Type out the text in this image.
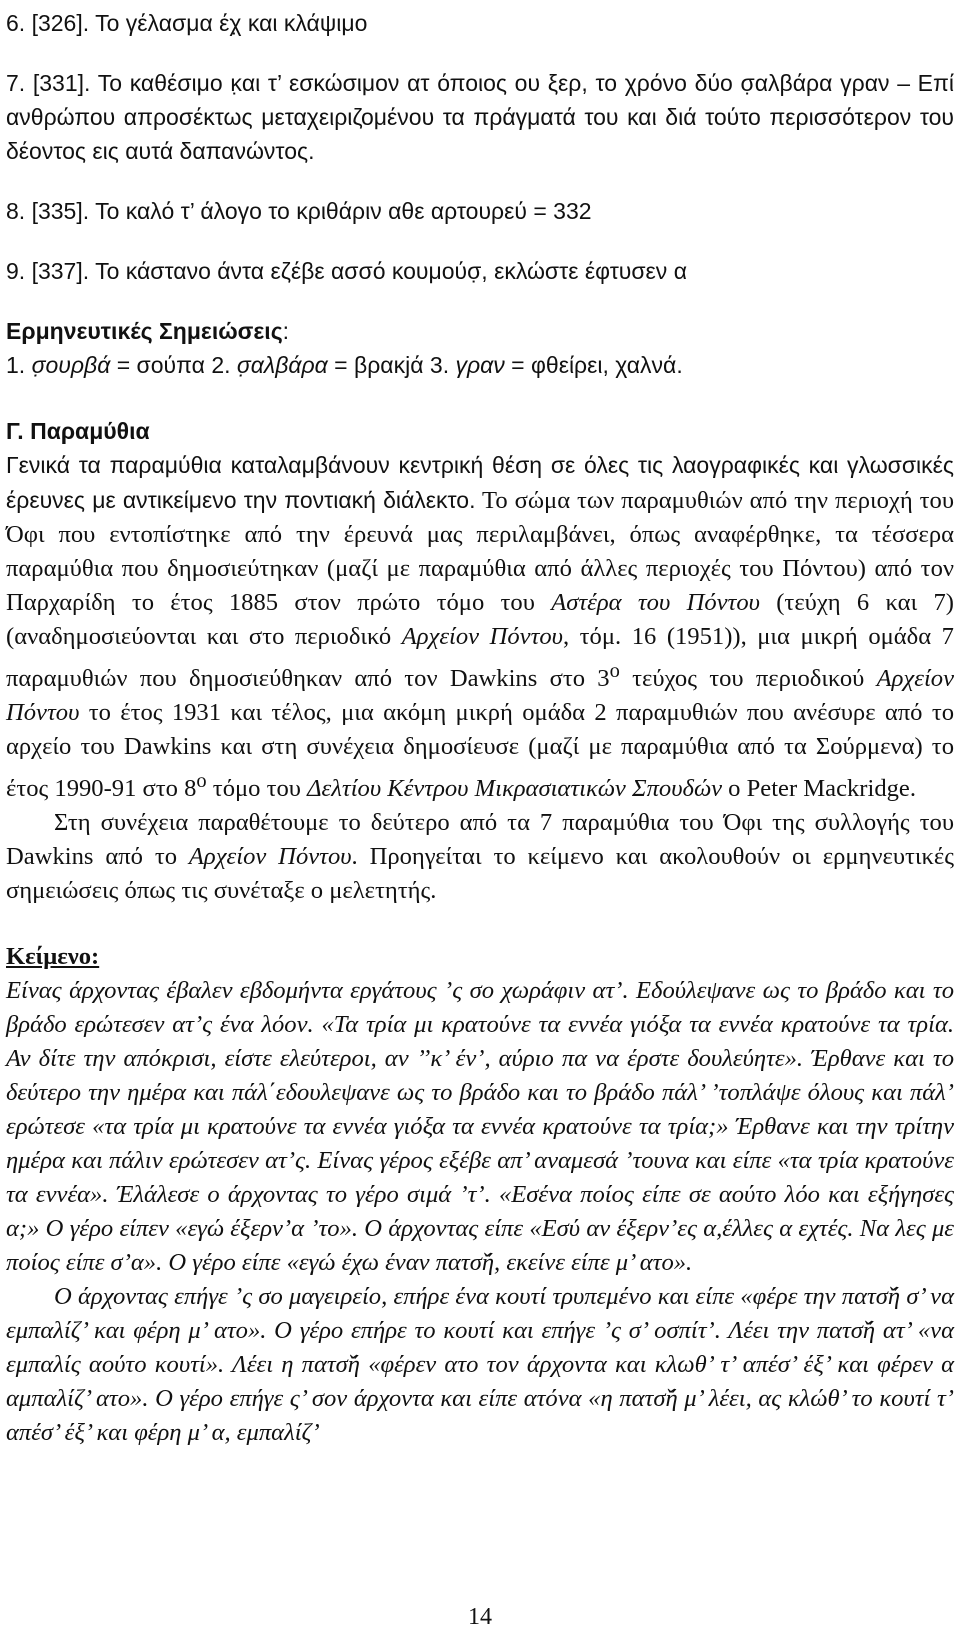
6. [326]. Το γέλασμα έχ̣ και κλάψιμο

7. [331]. Το καθέσιμο κ̣αι τ’ εσκώσιμον ατ όποιος ου ξερ, το χρόνο δύο σ̣αλβάρα γραν – Επί ανθρώπου απροσέκτως μεταχειριζομένου τα πράγματά του και διά τούτο περισσότερον του δέοντος εις αυτά δαπανώντος.

8. [335]. Το καλό τ’ άλογο το κριθάριν αθε αρτουρεύ = 332

9. [337]. Το κάστανο άντα εζέβε ασσό κουμούσ̣, εκλώστε έφτυσεν α

Ερμηνευτικές Σημειώσεις:

1. σ̣ουρβά = σούπα 2. σ̣αλβάρα = βρακjά 3. γραν = φθείρει, χαλνά.

Γ. Παραμύθια

Γενικά τα παραμύθια καταλαμβάνουν κεντρική θέση σε όλες τις λαογραφικές και γλωσσικές έρευνες με αντικείμενο την ποντιακή διάλεκτο. Το σώμα των παραμυθιών από την περιοχή του Όφι που εντοπίστηκε από την έρευνά μας περιλαμβάνει, όπως αναφέρθηκε, τα τέσσερα παραμύθια που δημοσιεύτηκαν (μαζί με παραμύθια από άλλες περιοχές του Πόντου) από τον Παρχαρίδη το έτος 1885 στον πρώτο τόμο του Αστέρα του Πόντου (τεύχη 6 και 7) (αναδημοσιεύονται και στο περιοδικό Αρχείον Πόντου, τόμ. 16 (1951)), μια μικρή ομάδα 7 παραμυθιών που δημοσιεύθηκαν από τον Dawkins στο $3^o$ τεύχος του περιοδικού Αρχείον Πόντου το έτος 1931 και τέλος, μια ακόμη μικρή ομάδα 2 παραμυθιών που ανέσυρε από το αρχείο του Dawkins και στη συνέχεια δημοσίευσε (μαζί με παραμύθια από τα Σούρμενα) το έτος 1990-91 στο $8^o$ τόμο του Δελτίου Κέντρου Μικρασιατικών Σπουδών ο Peter Mackridge.

Στη συνέχεια παραθέτουμε το δεύτερο από τα 7 παραμύθια του Όφι της συλλογής του Dawkins από το Αρχείον Πόντου. Προηγείται το κείμενο και ακολουθούν οι ερμηνευτικές σημειώσεις όπως τις συνέταξε ο μελετητής.

Κείμενο:

Είνας άρχοντας έβαλεν εβδομήντα εργάτους ’ς σο χωράφιν ατ’. Εδούλεψανε ως το βράδο και το βράδο ερώτεσεν ατ’ς ένα λόον. «Τα τρία μι κρατούνε τα εννέα γιόξα τα εννέα κρατούνε τα τρία. Αν δίτε την απόκρισι, είστε ελεύτεροι, αν ’’κ’ έν’, αύριο πα να έρστε δουλεύητε». Έρθανε και το δεύτερο την ημέρα και πάλ΄εδουλεψανε ως το βράδο και το βράδο πάλ’ ’τοπλάψε όλους και πάλ’ ερώτεσε «τα τρία μι κρατούνε τα εννέα γιόξα τα εννέα κρατούνε τα τρία;» Έρθανε και την τρίτην ημέρα και πάλιν ερώτεσεν ατ’ς. Είνας γέρος εξέβε απ’ αναμεσά ’τουνα και είπε «τα τρία κρατούνε τα εννέα». Έλάλεσε ο άρχοντας το γέρο σιμά ’τ’. «Εσένα ποίος είπε σε αούτο λόο και εξήγησες α;» Ο γέρο είπεν «εγώ έξερν’α ’το». Ο άρχοντας είπε «Εσύ αν έξερν’ες α,έλλες α εχτές. Να λες με ποίος είπε σ’α». Ο γέρο είπε «εγώ έχω έναν πατσ̌ή, εκείνε είπε μ’ ατο».

Ο άρχοντας επήγε ’ς σο μαγειρείο, επήρε ένα κουτί τρυπεμένο και είπε «φέρε την πατσ̌ή σ’ να εμπαλίζ’ και φέρη μ’ ατο». Ο γέρο επήρε το κουτί και επήγε ’ς σ’ οσπίτ’. Λέει την πατσ̌ή ατ’ «να εμπαλίς αούτο κουτί». Λέει η πατσ̌ή «φέρεν ατο τον άρχοντα και κλωθ’ τ’ απέσ’ έξ’ και φέρεν α αμπαλίζ’ ατο». Ο γέρο επήγε ς’ σον άρχοντα και είπε ατόνα «η πατσ̌ή μ’ λέει, ας κλώθ’ το κουτί τ’ απέσ’ έξ’ και φέρη μ’ α, εμπαλίζ’

14
